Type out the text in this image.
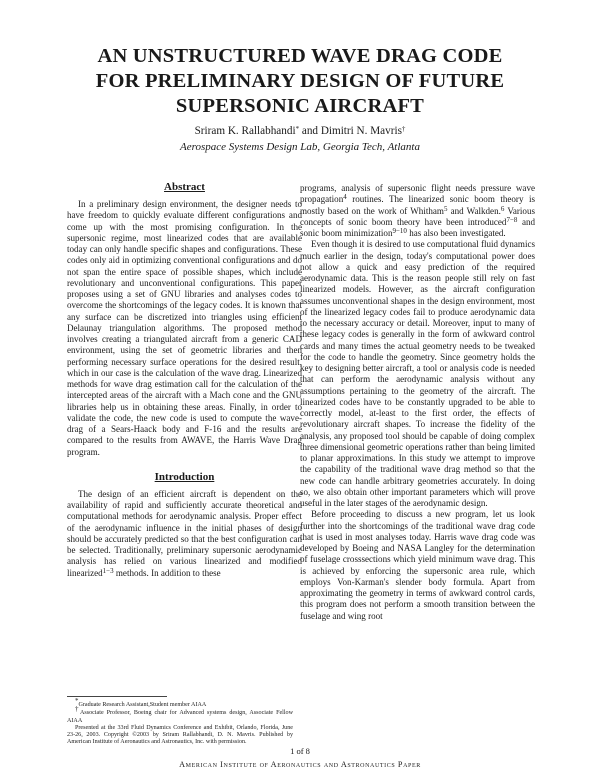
AN UNSTRUCTURED WAVE DRAG CODE
FOR PRELIMINARY DESIGN OF FUTURE
SUPERSONIC AIRCRAFT
Sriram K. Rallabhandi* and Dimitri N. Mavris†
Aerospace Systems Design Lab, Georgia Tech, Atlanta
Abstract

In a preliminary design environment, the designer needs to have freedom to quickly evaluate different configurations and come up with the most promising configuration. In the supersonic regime, most linearized codes that are available today can only handle specific shapes and configurations. These codes only aid in optimizing conventional configurations and do not span the entire space of possible shapes, which include revolutionary and unconventional configurations. This paper proposes using a set of GNU libraries and analyses codes to overcome the shortcomings of the legacy codes. It is known that any surface can be discretized into triangles using efficient Delaunay triangulation algorithms. The proposed method involves creating a triangulated aircraft from a generic CAD environment, using the set of geometric libraries and then performing necessary surface operations for the desired result, which in our case is the calculation of the wave drag. Linearized methods for wave drag estimation call for the calculation of the intercepted areas of the aircraft with a Mach cone and the GNU libraries help us in obtaining these areas. Finally, in order to validate the code, the new code is used to compute the wave-drag of a Sears-Haack body and F-16 and the results are compared to the results from AWAVE, the Harris Wave Drag program.

Introduction

The design of an efficient aircraft is dependent on the availability of rapid and sufficiently accurate theoretical and computational methods for aerodynamic analysis. Proper effect of the aerodynamic influence in the initial phases of design should be accurately predicted so that the best configuration can be selected. Traditionally, preliminary supersonic aerodynamic analysis has relied on various linearized and modified linearized$^{1-3}$ methods. In addition to these

programs, analysis of supersonic flight needs pressure wave propagation$^4$ routines. The linearized sonic boom theory is mostly based on the work of Whitham$^5$ and Walkden.$^6$ Various concepts of sonic boom theory have been introduced$^{7-8}$ and sonic boom minimization$^{9-10}$ has also been investigated.

Even though it is desired to use computational fluid dynamics much earlier in the design, today's computational power does not allow a quick and easy prediction of the required aerodynamic data. This is the reason people still rely on fast linearized models. However, as the aircraft configuration assumes unconventional shapes in the design environment, most of the linearized legacy codes fail to produce aerodynamic data to the necessary accuracy or detail. Moreover, input to many of these legacy codes is generally in the form of awkward control cards and many times the actual geometry needs to be tweaked for the code to handle the geometry. Since geometry holds the key to designing better aircraft, a tool or analysis code is needed that can perform the aerodynamic analysis without any assumptions pertaining to the geometry of the aircraft. The linearized codes have to be constantly upgraded to be able to correctly model, at-least to the first order, the effects of revolutionary aircraft shapes. To increase the fidelity of the analysis, any proposed tool should be capable of doing complex three dimensional geometric operations rather than being limited to planar approximations. In this study we attempt to improve the capability of the traditional wave drag method so that the new code can handle arbitrary geometries accurately. In doing so, we also obtain other important parameters which will prove useful in the later stages of the aerodynamic design.

Before proceeding to discuss a new program, let us look further into the shortcomings of the traditional wave drag code that is used in most analyses today. Harris wave drag code was developed by Boeing and NASA Langley for the determination of fuselage crosssections which yield minimum wave drag. This is achieved by enforcing the supersonic area rule, which employs Von-Karman's slender body formula. Apart from approximating the geometry in terms of awkward control cards, this program does not perform a smooth transition between the fuselage and wing root

*Graduate Research Assistant,Student member AIAA

†Associate Professor, Boeing chair for Advanced systems design, Associate Fellow AIAA

Presented at the 33rd Fluid Dynamics Conference and Exhibit, Orlando, Florida, June 23-26, 2003. Copyright ©2003 by Sriram Rallabhandi, D. N. Mavris. Published by American Institute of Aeronautics and Astronautics, Inc. with permission.

1 of 8
American Institute of Aeronautics and Astronautics Paper
